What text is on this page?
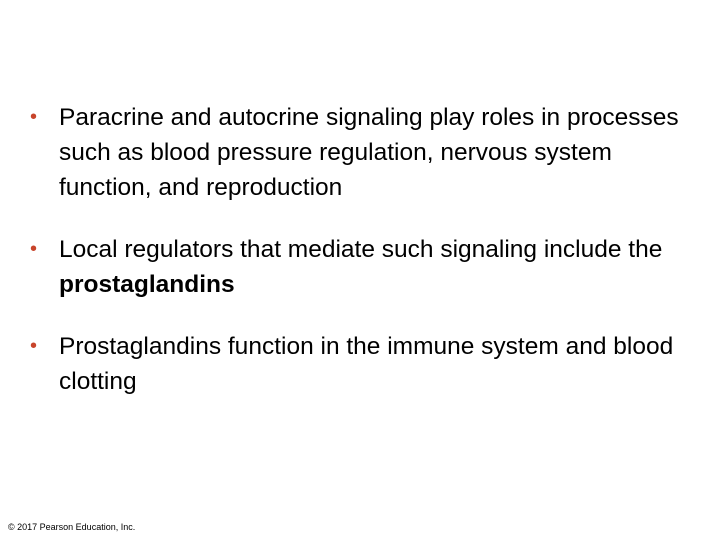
• Paracrine and autocrine signaling play roles in processes such as blood pressure regulation, nervous system function, and reproduction
• Local regulators that mediate such signaling include the prostaglandins
• Prostaglandins function in the immune system and blood clotting
© 2017 Pearson Education, Inc.
